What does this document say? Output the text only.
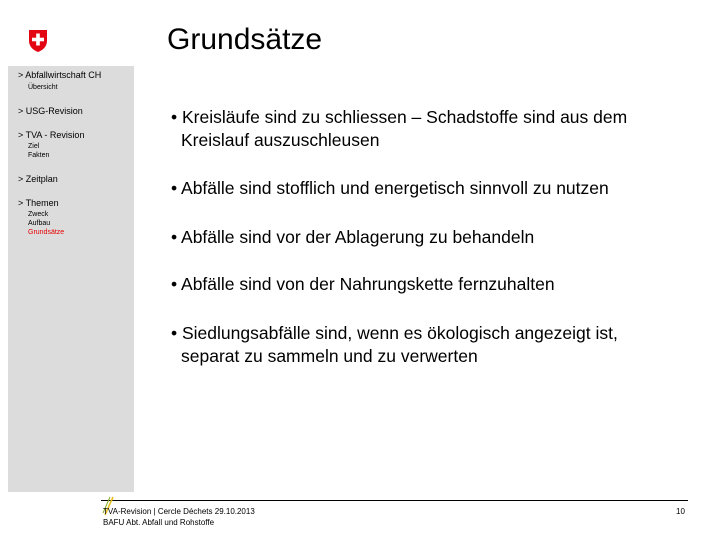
Grundsätze
> Abfallwirtschaft CH
Übersicht
> USG-Revision
> TVA - Revision
Ziel
Fakten
> Zeitplan
> Themen
Zweck
Aufbau
Grundsätze
• Kreisläufe sind zu schliessen – Schadstoffe sind aus dem
Kreislauf auszuschleusen
• Abfälle sind stofflich und energetisch sinnvoll zu nutzen
• Abfälle sind vor der Ablagerung zu behandeln
• Abfälle sind von der Nahrungskette fernzuhalten
• Siedlungsabfälle sind, wenn es ökologisch angezeigt ist,
separat zu sammeln und zu verwerten
TVA-Revision | Cercle Déchets 29.10.2013
BAFU Abt. Abfall und Rohstoffe
10
